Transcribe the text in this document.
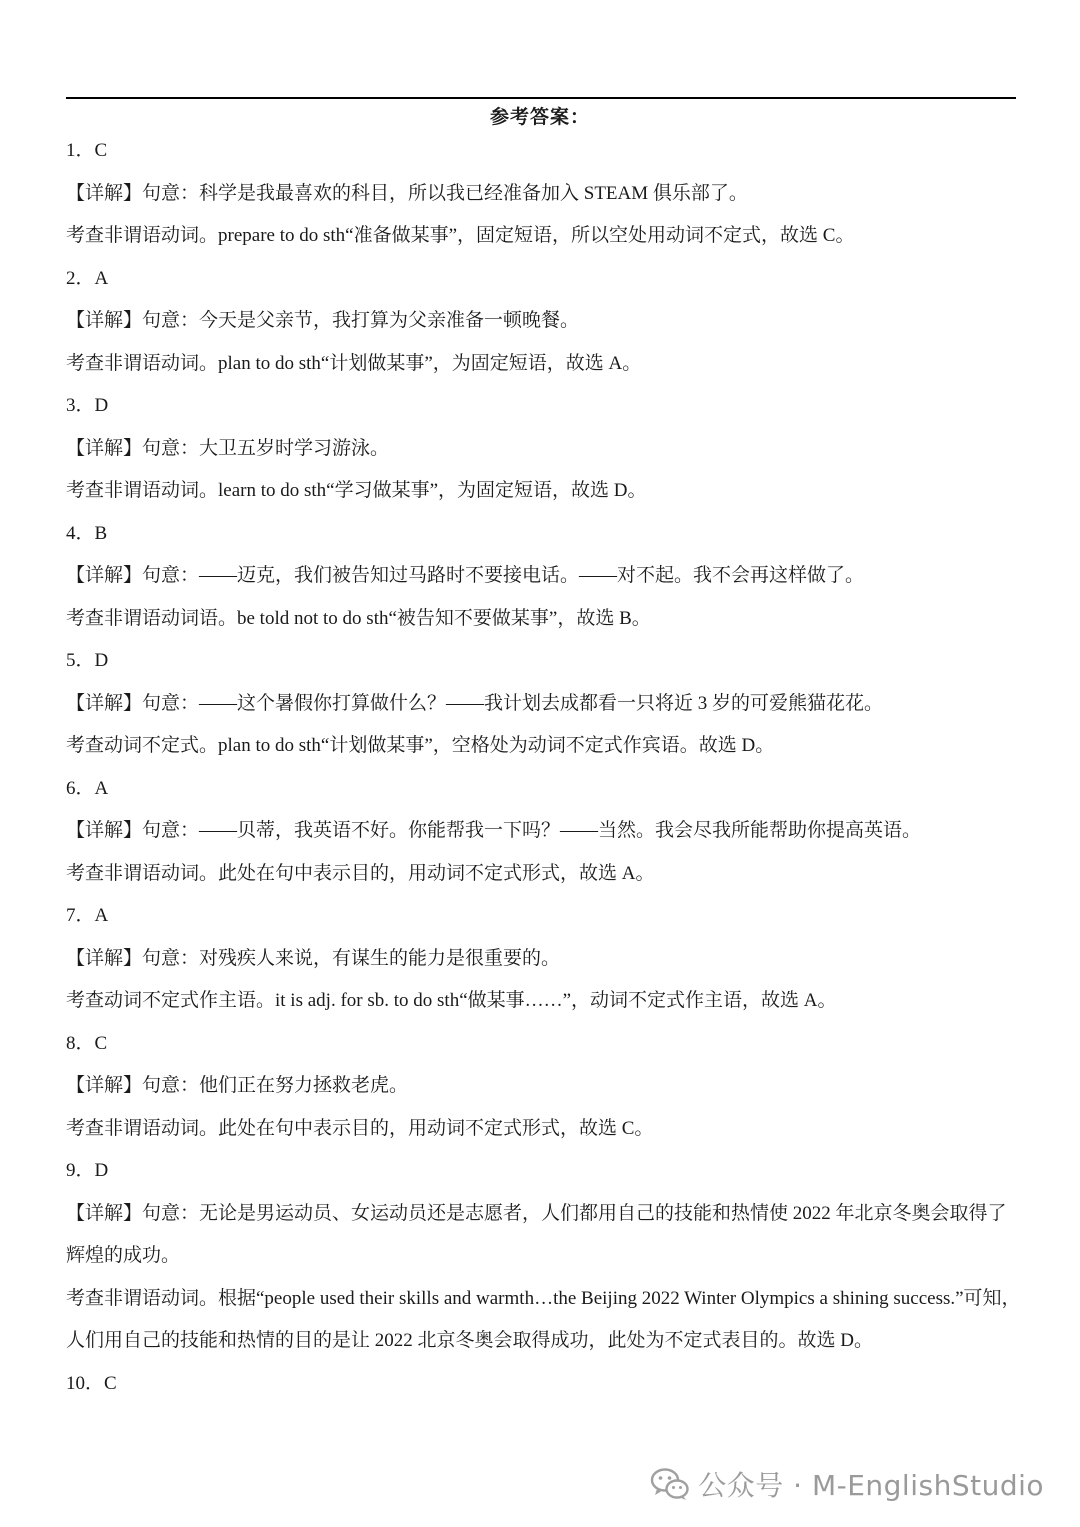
参考答案：
1．C
【详解】句意：科学是我最喜欢的科目，所以我已经准备加入 STEAM 俱乐部了。
考查非谓语动词。prepare to do sth“准备做某事”，固定短语，所以空处用动词不定式，故选 C。
2．A
【详解】句意：今天是父亲节，我打算为父亲准备一顿晚餐。
考查非谓语动词。plan to do sth“计划做某事”，为固定短语，故选 A。
3．D
【详解】句意：大卫五岁时学习游泳。
考查非谓语动词。learn to do sth“学习做某事”，为固定短语，故选 D。
4．B
【详解】句意：——迈克，我们被告知过马路时不要接电话。——对不起。我不会再这样做了。
考查非谓语动词语。be told not to do sth“被告知不要做某事”，故选 B。
5．D
【详解】句意：——这个暑假你打算做什么？——我计划去成都看一只将近 3 岁的可爱熊猫花花。
考查动词不定式。plan to do sth“计划做某事”，空格处为动词不定式作宾语。故选 D。
6．A
【详解】句意：——贝蒂，我英语不好。你能帮我一下吗？——当然。我会尽我所能帮助你提高英语。
考查非谓语动词。此处在句中表示目的，用动词不定式形式，故选 A。
7．A
【详解】句意：对残疾人来说，有谋生的能力是很重要的。
考查动词不定式作主语。it is adj. for sb. to do sth“做某事……”，动词不定式作主语，故选 A。
8．C
【详解】句意：他们正在努力拯救老虎。
考查非谓语动词。此处在句中表示目的，用动词不定式形式，故选 C。
9．D
【详解】句意：无论是男运动员、女运动员还是志愿者，人们都用自己的技能和热情使 2022 年北京冬奥会取得了
辉煌的成功。
考查非谓语动词。根据“people used their skills and warmth…the Beijing 2022 Winter Olympics a shining success.”可知，
人们用自己的技能和热情的目的是让 2022 北京冬奥会取得成功，此处为不定式表目的。故选 D。
10．C
公众号 · M-EnglishStudio
